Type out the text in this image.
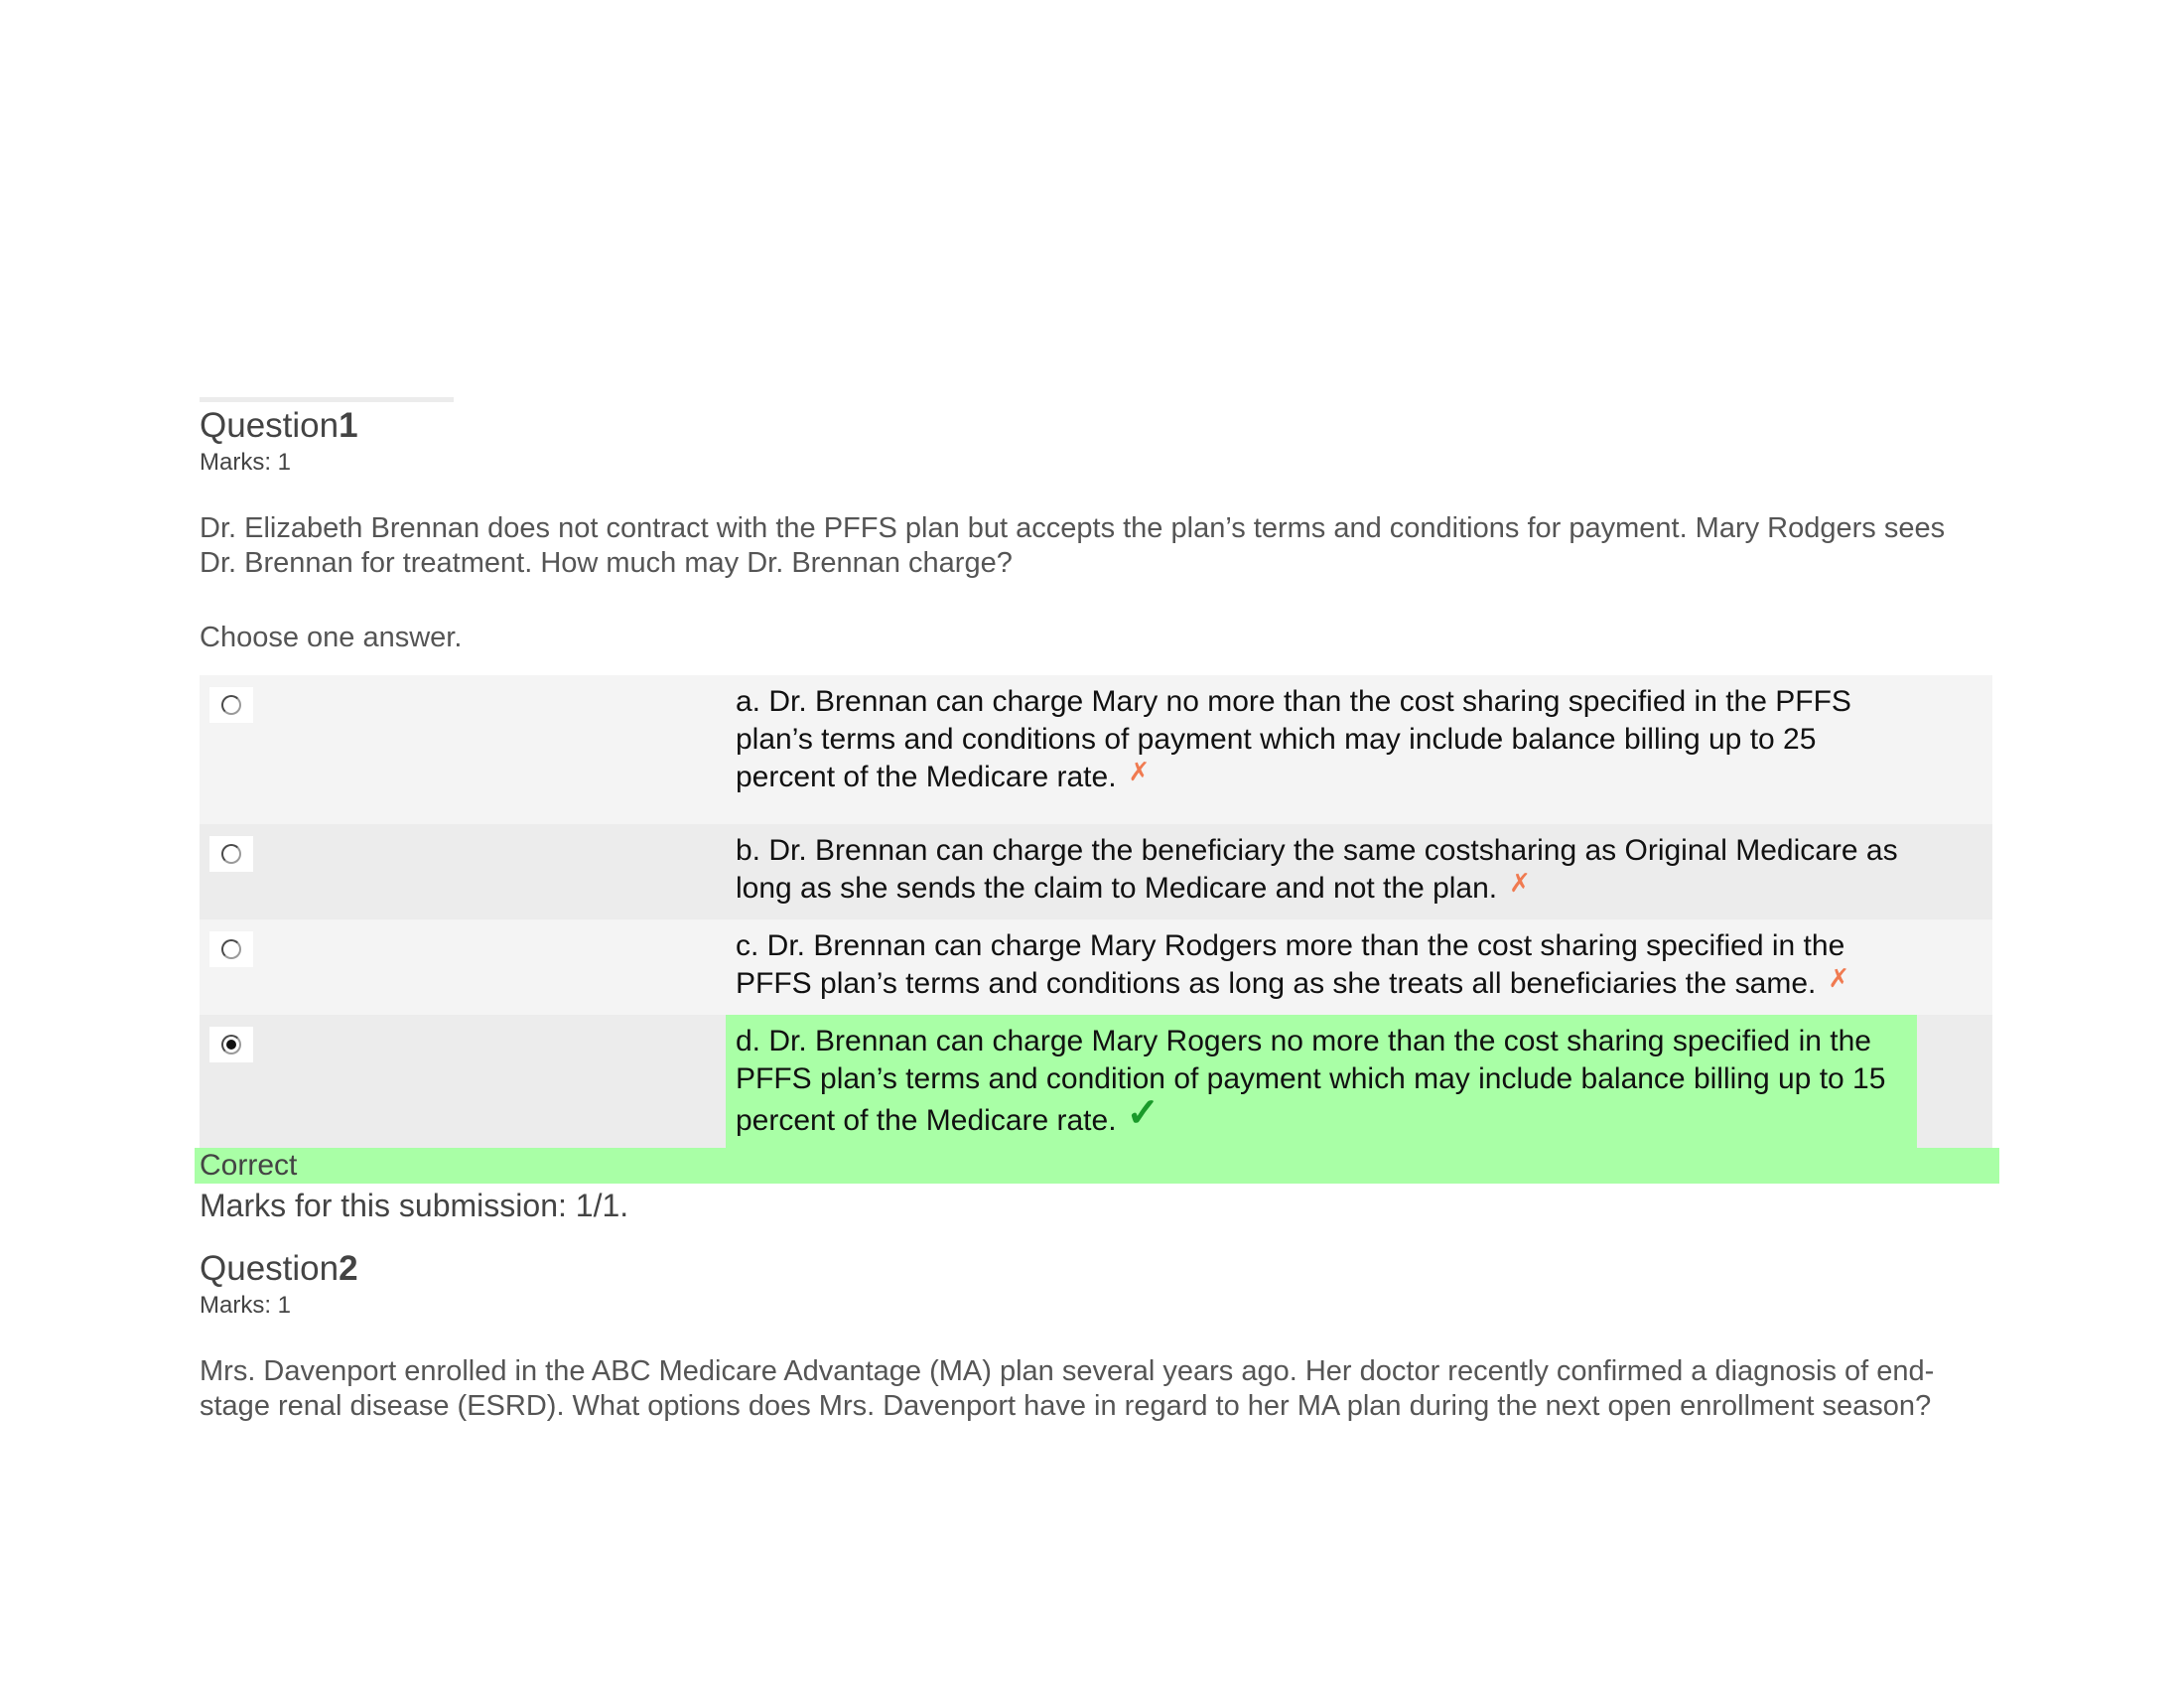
Question1
Marks: 1
Dr. Elizabeth Brennan does not contract with the PFFS plan but accepts the plan’s terms and conditions for payment. Mary Rodgers sees Dr. Brennan for treatment. How much may Dr. Brennan charge?
Choose one answer.
a. Dr. Brennan can charge Mary no more than the cost sharing specified in the PFFS plan’s terms and conditions of payment which may include balance billing up to 25 percent of the Medicare rate. ✗
b. Dr. Brennan can charge the beneficiary the same costsharing as Original Medicare as long as she sends the claim to Medicare and not the plan. ✗
c. Dr. Brennan can charge Mary Rodgers more than the cost sharing specified in the PFFS plan’s terms and conditions as long as she treats all beneficiaries the same. ✗
d. Dr. Brennan can charge Mary Rogers no more than the cost sharing specified in the PFFS plan’s terms and condition of payment which may include balance billing up to 15 percent of the Medicare rate. ✓
Correct
Marks for this submission: 1/1.
Question2
Marks: 1
Mrs. Davenport enrolled in the ABC Medicare Advantage (MA) plan several years ago. Her doctor recently confirmed a diagnosis of end-stage renal disease (ESRD). What options does Mrs. Davenport have in regard to her MA plan during the next open enrollment season?
